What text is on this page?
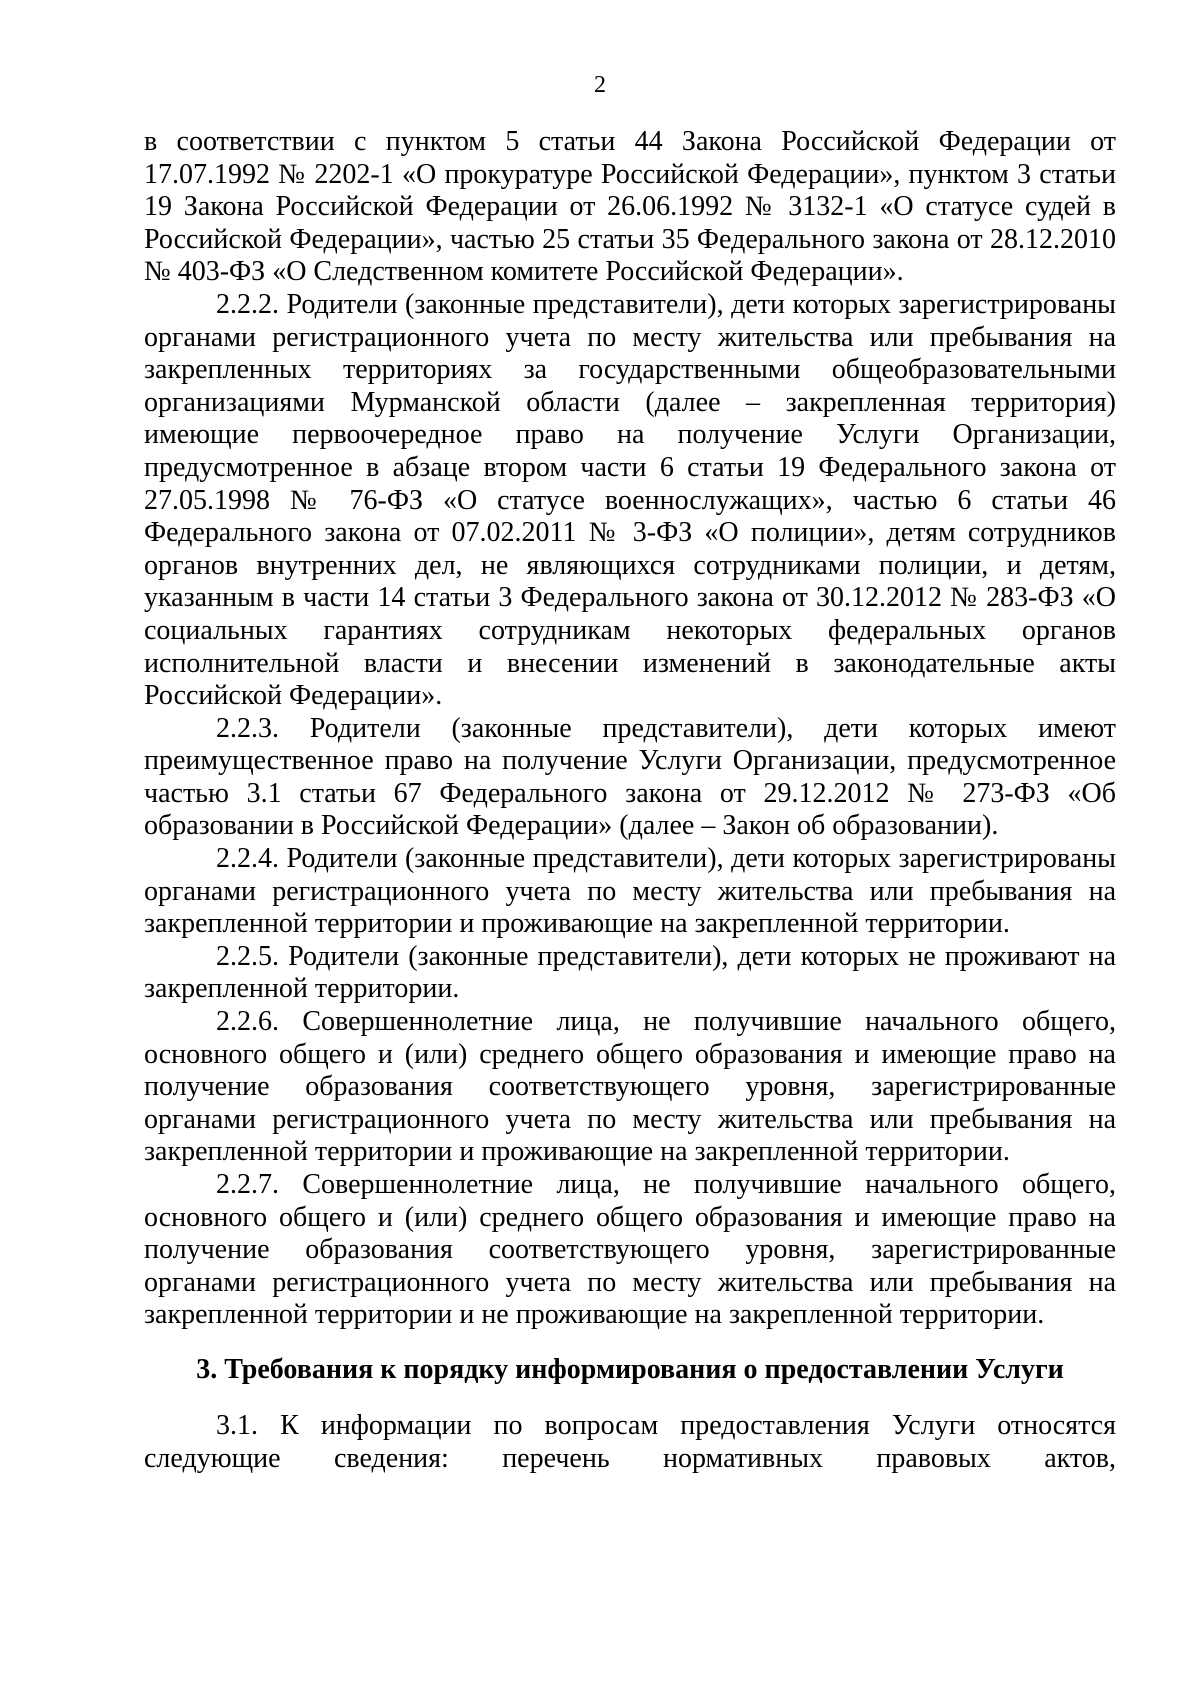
2

в соответствии с пунктом 5 статьи 44 Закона Российской Федерации от 17.07.1992 № 2202-1 «О прокуратуре Российской Федерации», пунктом 3 статьи 19 Закона Российской Федерации от 26.06.1992 № 3132-1 «О статусе судей в Российской Федерации», частью 25 статьи 35 Федерального закона от 28.12.2010 № 403-ФЗ «О Следственном комитете Российской Федерации».

2.2.2. Родители (законные представители), дети которых зарегистрированы органами регистрационного учета по месту жительства или пребывания на закрепленных территориях за государственными общеобразовательными организациями Мурманской области (далее – закрепленная территория) имеющие первоочередное право на получение Услуги Организации, предусмотренное в абзаце втором части 6 статьи 19 Федерального закона от 27.05.1998 № 76-ФЗ «О статусе военнослужащих», частью 6 статьи 46 Федерального закона от 07.02.2011 № 3-ФЗ «О полиции», детям сотрудников органов внутренних дел, не являющихся сотрудниками полиции, и детям, указанным в части 14 статьи 3 Федерального закона от 30.12.2012 № 283-ФЗ «О социальных гарантиях сотрудникам некоторых федеральных органов исполнительной власти и внесении изменений в законодательные акты Российской Федерации».

2.2.3. Родители (законные представители), дети которых имеют преимущественное право на получение Услуги Организации, предусмотренное частью 3.1 статьи 67 Федерального закона от 29.12.2012 № 273-ФЗ «Об образовании в Российской Федерации» (далее – Закон об образовании).

2.2.4. Родители (законные представители), дети которых зарегистрированы органами регистрационного учета по месту жительства или пребывания на закрепленной территории и проживающие на закрепленной территории.

2.2.5. Родители (законные представители), дети которых не проживают на закрепленной территории.

2.2.6. Совершеннолетние лица, не получившие начального общего, основного общего и (или) среднего общего образования и имеющие право на получение образования соответствующего уровня, зарегистрированные органами регистрационного учета по месту жительства или пребывания на закрепленной территории и проживающие на закрепленной территории.

2.2.7. Совершеннолетние лица, не получившие начального общего, основного общего и (или) среднего общего образования и имеющие право на получение образования соответствующего уровня, зарегистрированные органами регистрационного учета по месту жительства или пребывания на закрепленной территории и не проживающие на закрепленной территории.

3. Требования к порядку информирования о предоставлении Услуги

3.1. К информации по вопросам предоставления Услуги относятся следующие сведения: перечень нормативных правовых актов,
